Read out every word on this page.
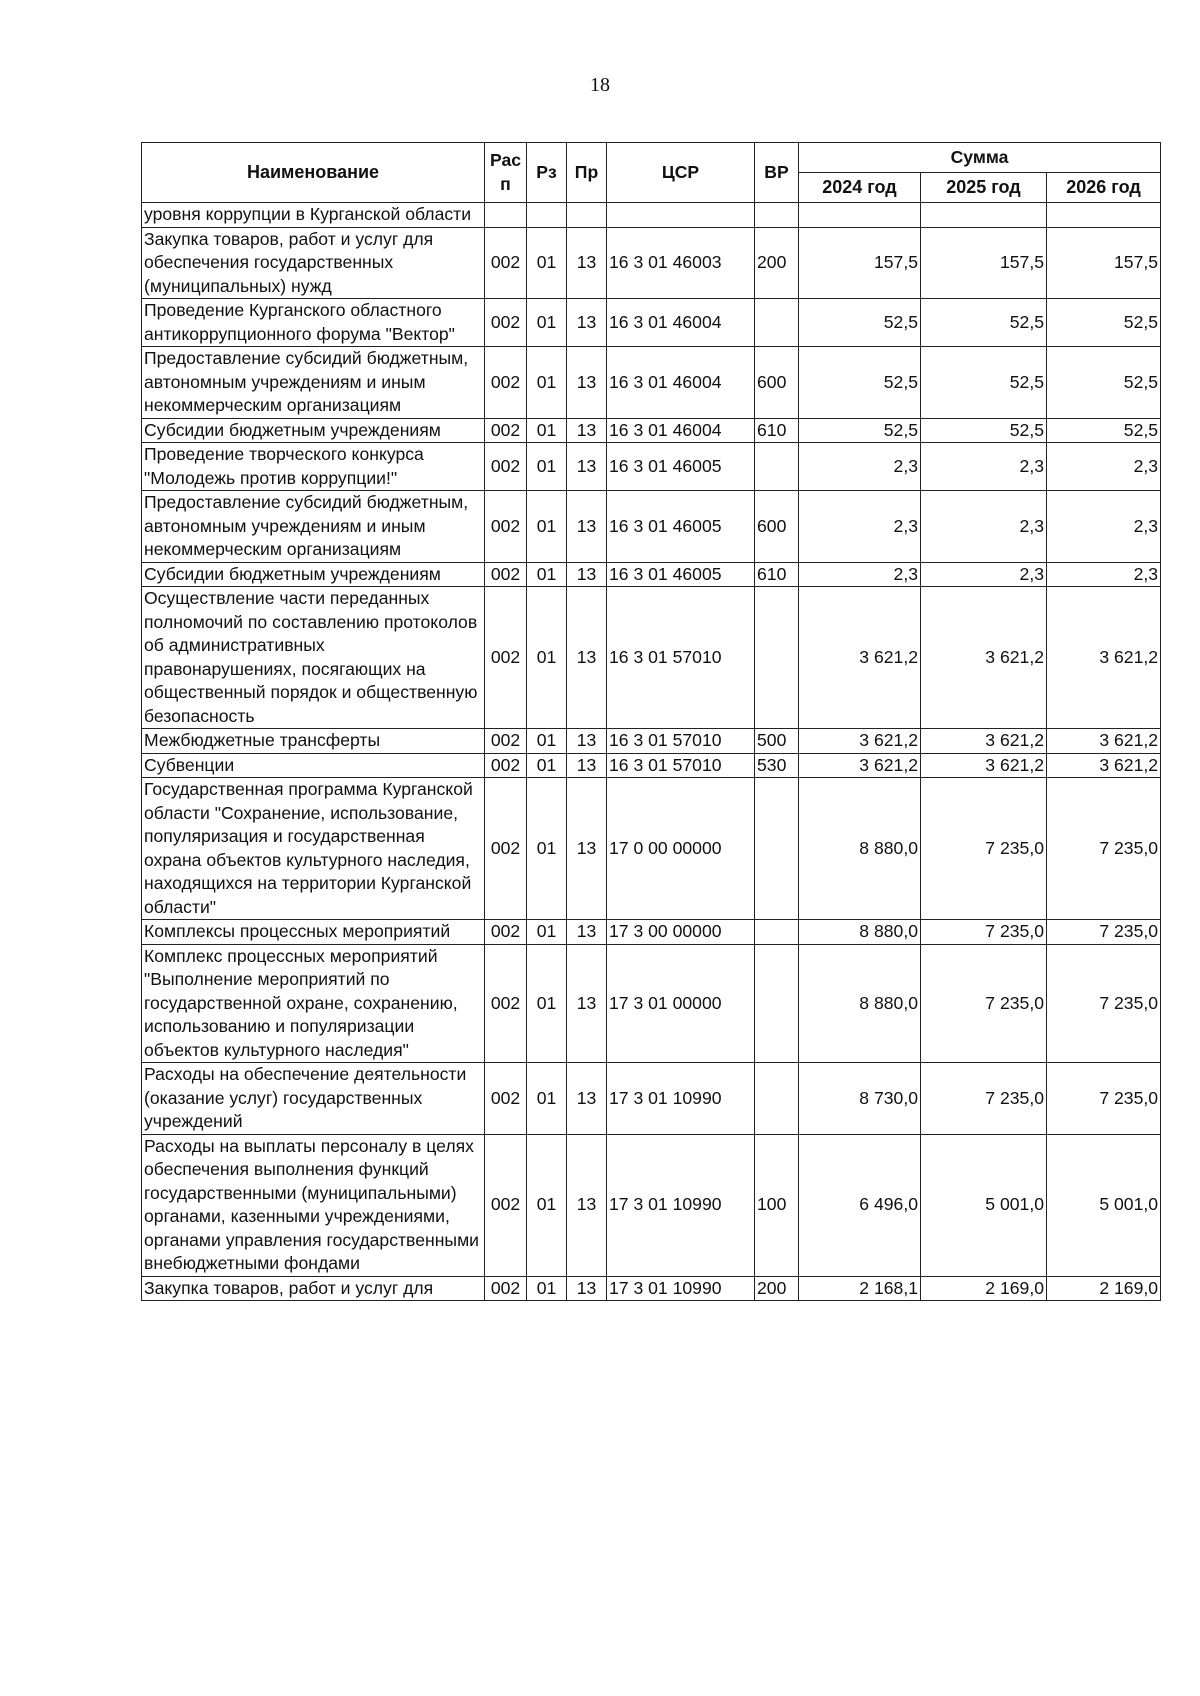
18
Наименование	Рас п	Рз	Пр	ЦСР	ВР	Сумма		
						2024 год	2025 год	2026 год
уровня коррупции в Курганской области								
Закупка товаров, работ и услуг для обеспечения государственных (муниципальных) нужд	002	01	13	16 3 01 46003	200	157,5	157,5	157,5
Проведение Курганского областного антикоррупционного форума "Вектор"	002	01	13	16 3 01 46004		52,5	52,5	52,5
Предоставление субсидий бюджетным, автономным учреждениям и иным некоммерческим организациям	002	01	13	16 3 01 46004	600	52,5	52,5	52,5
Субсидии бюджетным учреждениям	002	01	13	16 3 01 46004	610	52,5	52,5	52,5
Проведение творческого конкурса "Молодежь против коррупции!"	002	01	13	16 3 01 46005		2,3	2,3	2,3
Предоставление субсидий бюджетным, автономным учреждениям и иным некоммерческим организациям	002	01	13	16 3 01 46005	600	2,3	2,3	2,3
Субсидии бюджетным учреждениям	002	01	13	16 3 01 46005	610	2,3	2,3	2,3
Осуществление части переданных полномочий по составлению протоколов об административных правонарушениях, посягающих на общественный порядок и общественную безопасность	002	01	13	16 3 01 57010		3 621,2	3 621,2	3 621,2
Межбюджетные трансферты	002	01	13	16 3 01 57010	500	3 621,2	3 621,2	3 621,2
Субвенции	002	01	13	16 3 01 57010	530	3 621,2	3 621,2	3 621,2
Государственная программа Курганской области "Сохранение, использование, популяризация и государственная охрана объектов культурного наследия, находящихся на территории Курганской области"	002	01	13	17 0 00 00000		8 880,0	7 235,0	7 235,0
Комплексы процессных мероприятий	002	01	13	17 3 00 00000		8 880,0	7 235,0	7 235,0
Комплекс процессных мероприятий "Выполнение мероприятий по государственной охране, сохранению, использованию и популяризации объектов культурного наследия"	002	01	13	17 3 01 00000		8 880,0	7 235,0	7 235,0
Расходы на обеспечение деятельности (оказание услуг) государственных учреждений	002	01	13	17 3 01 10990		8 730,0	7 235,0	7 235,0
Расходы на выплаты персоналу в целях обеспечения выполнения функций государственными (муниципальными) органами, казенными учреждениями, органами управления государственными внебюджетными фондами	002	01	13	17 3 01 10990	100	6 496,0	5 001,0	5 001,0
Закупка товаров, работ и услуг для	002	01	13	17 3 01 10990	200	2 168,1	2 169,0	2 169,0
